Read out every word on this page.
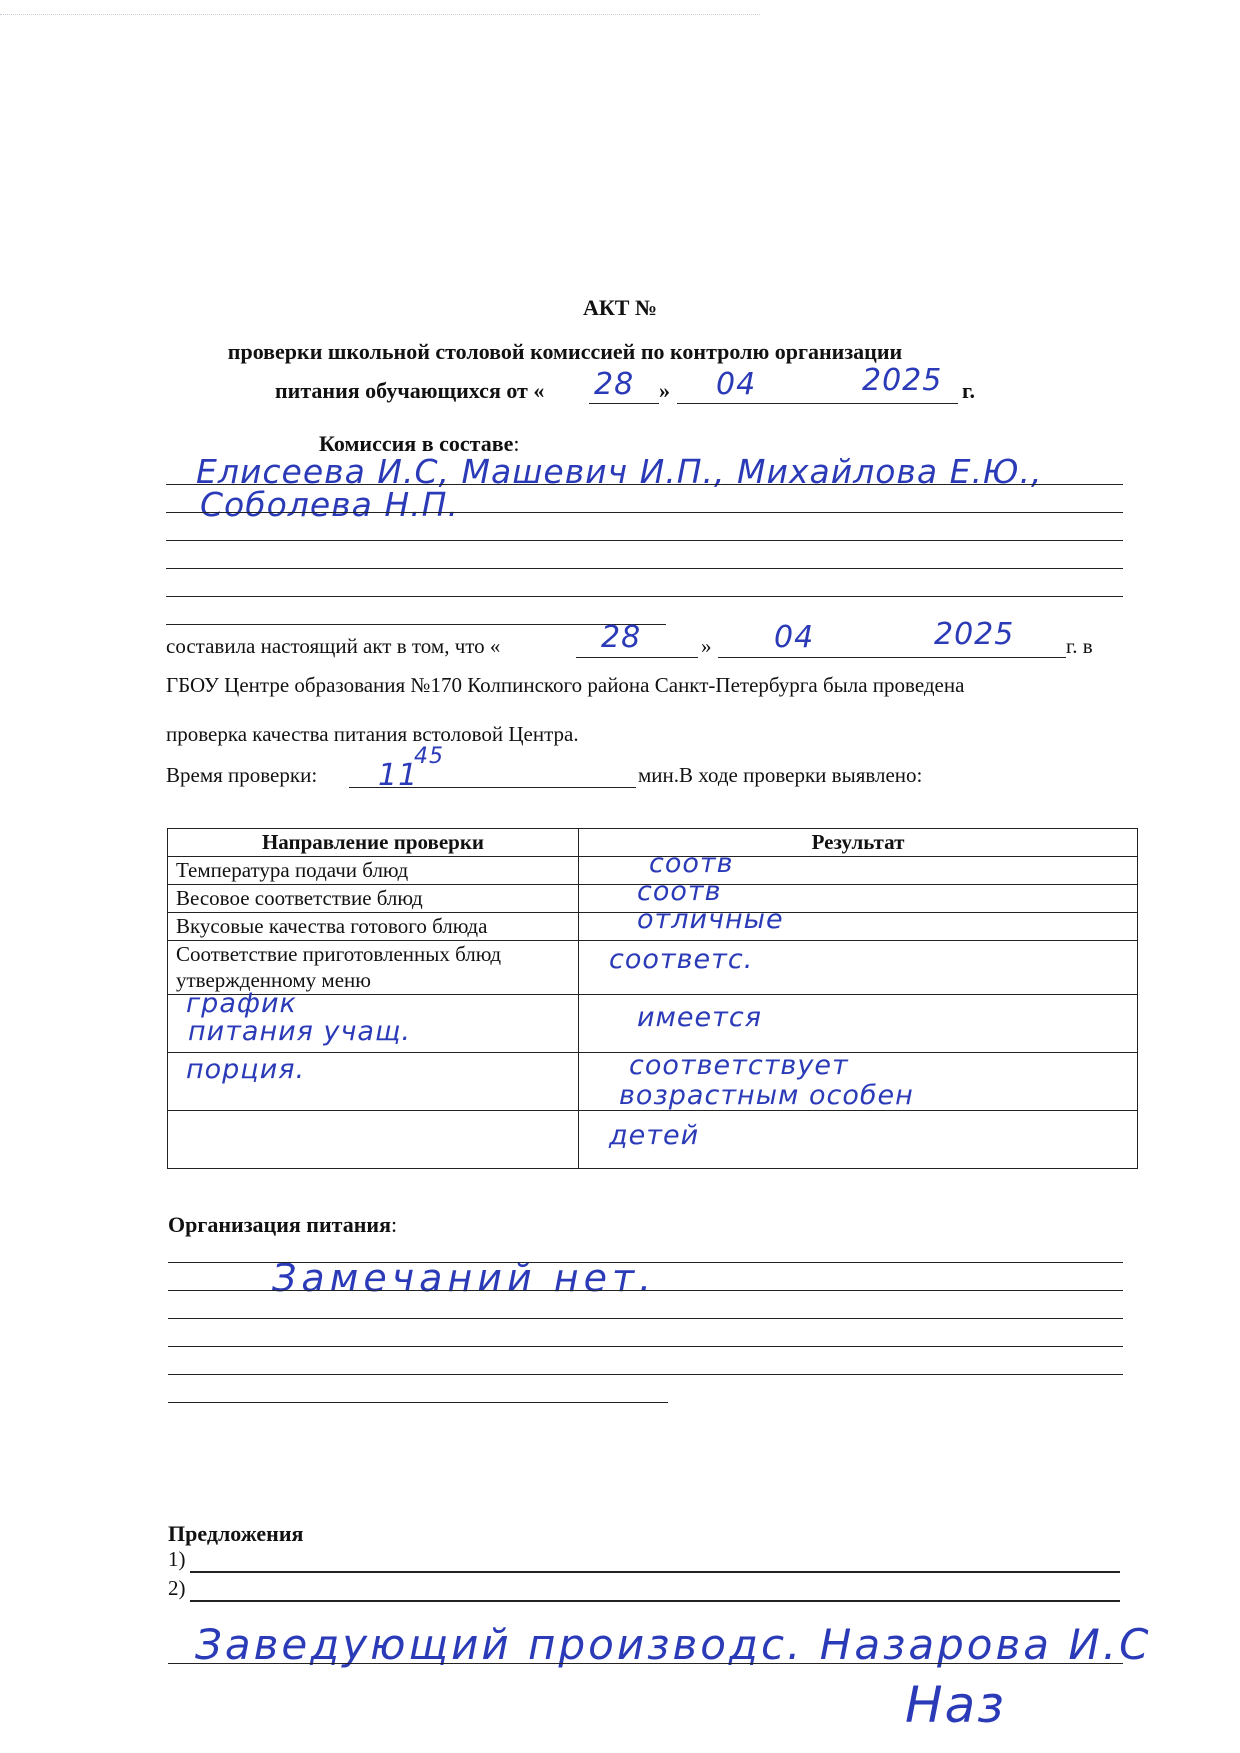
АКТ №
проверки школьной столовой комиссией по контролю организации
питания обучающихся от « 28 » 04	2025 г.
Комиссия в составе:
Елисеева И.С, Машевич И.П., Михайлова Е.Ю.,
Соболева Н.П.
составила настоящий акт в том, что «	28	» 04	2025 г. в
ГБОУ Центре образования №170 Колпинского района Санкт-Петербурга была проведена
проверка качества питания встоловой Центра.
Время проверки: 11
45
мин.В ходе проверки выявлено:
Направление проверки	Результат
Температура подачи блюд	соотв

Весовое соответствие блюд	соотв

Вкусовые качества готового блюда	отличные

Соответствие приготовленных блюд утвержденному меню	соответс.

график
питания учащ.	имеется

порция.	соответствует
возрастным особен

	детей
Организация питания:
Замечаний нет.
Предложения
1)
2)
Заведующий производс. Назарова И.С
Наз
